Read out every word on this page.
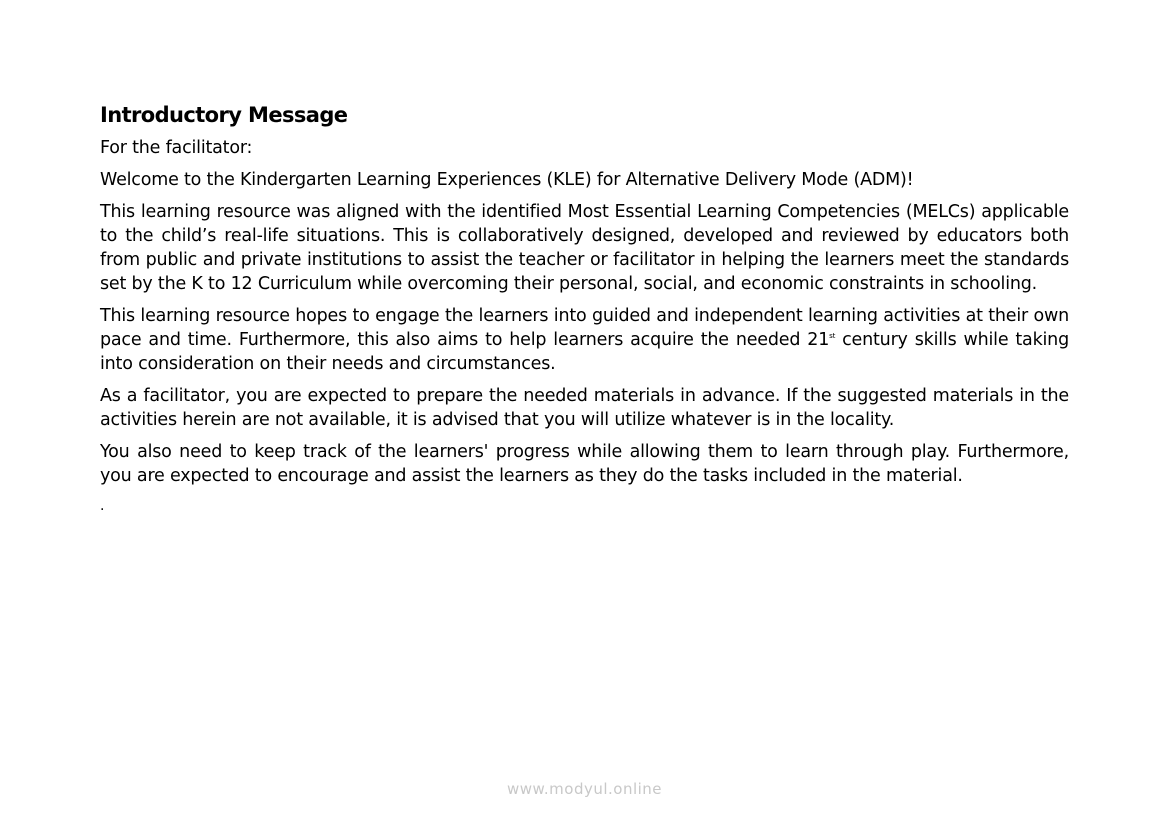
Introductory Message

For the facilitator:

Welcome to the Kindergarten Learning Experiences (KLE) for Alternative Delivery Mode (ADM)!

This learning resource was aligned with the identified Most Essential Learning Competencies (MELCs) applicable to the child’s real-life situations. This is collaboratively designed, developed and reviewed by educators both from public and private institutions to assist the teacher or facilitator in helping the learners meet the standards set by the K to 12 Curriculum while overcoming their personal, social, and economic constraints in schooling.

This learning resource hopes to engage the learners into guided and independent learning activities at their own pace and time. Furthermore, this also aims to help learners acquire the needed 21st century skills while taking into consideration on their needs and circumstances.

As a facilitator, you are expected to prepare the needed materials in advance. If the suggested materials in the activities herein are not available, it is advised that you will utilize whatever is in the locality.

You also need to keep track of the learners' progress while allowing them to learn through play. Furthermore, you are expected to encourage and assist the learners as they do the tasks included in the material.

.

www.modyul.online
